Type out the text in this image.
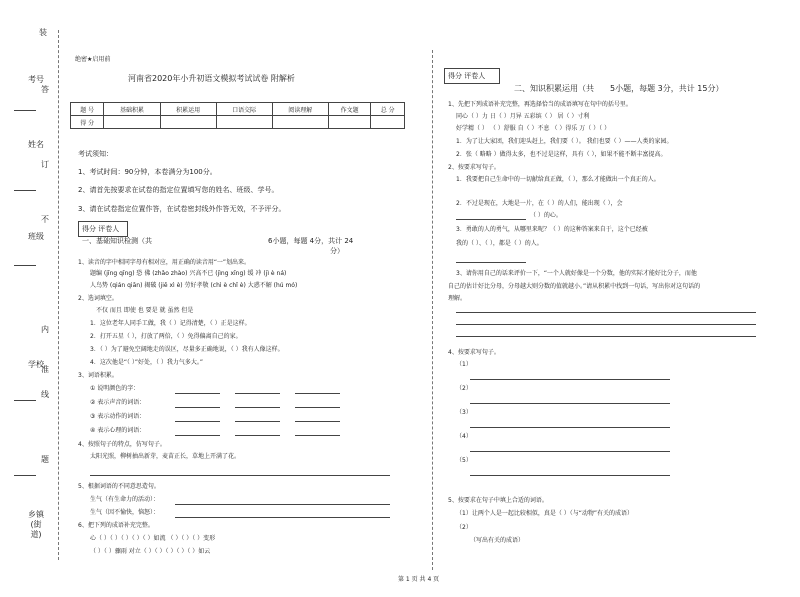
装
考号
答
姓名
订
班级
不
内
学校
准
线
题
乡镇(街道)
绝密★启用前
河南省2020年小升初语文模拟考试试卷 附解析
题 号	基础积累	积累运用	口语交际	阅读理解	作文题	总 分
得 分						
考试须知：
1、考试时间：90分钟，本卷满分为100分。
2、请首先按要求在试卷的指定位置填写您的姓名、班级、学号。
3、请在试卷指定位置作答，在试卷密封线外作答无效，不予评分。
得分 评卷人
一、基础知识检测（共	6小题，每题 4分，共计 24
分）
1、读音的字中相同字母有相对应，用正确的读音用“一”划出来。
题编 (jīng qīng) 恐 佛 (zhǎo zhào) 兴高不已 (jìng xīng) 缓 冲 (jì è ná)
人鸟势 (qián qiān) 揭破 (jiē xì è) 劳好孝敬 (chì è chǐ è) 大惑不解 (hú mó)
2、选词填空。
不仅 而且 即使 也 要是 就 虽然 但是
1．这位老年人同手工做，我（ ）记得清楚，（ ）正是这样。
2．打开五星（ ），打放了两倍，（ ）免得偏离自己的家。
3．（ ）为了避免空阔地走的误区，尽量多正确地说，（ ）我有人像这样。
4．这次他是“（ ）”好处，（ ）我力气多大。”
3、词语积累。
① 说明颜色的字：
② 表示声音的词语：
③ 表示动作的词语：
④ 表示心理的词语：
4、按照句子的特点，仿写句子。
太阳光照，柳树抽出新芽，麦苗正长，草地上开满了花。
5、根据词语的不同意思造句。
生气（有生命力的活动）：
生气（因不愉快，恼怒）：
6、把下列的成语补充完整。
心（ ）（ ）（ ）（ ）（ ）如流 （ ）（ ）（ ）变形
（ ）（ ）骤雨 对立（ ）（ ）（ ）（ ）（ ）如云
得分 评卷人
二、知识积累运用（共 5小题，每题 3分，共计 15分）
1、先把下列成语补充完整，再选择恰当的成语填写在句中的括号里。
同心（ ）力 日（ ）月异 五彩缤（ ） 居（ ）寸利
好学精（ ） （ ）舒服 自（ ）不息 （ ）得乐 万（ ）（ ）
1．为了让大家团，我们迎头赶上，我们要（ ）。 我们也要（ ）——人类的家园。
2．张（ 略略 ）做得太多，也不过是这样，具有（ ），如果不能不断丰富提高。
2、按要求写句子。
1．我要把自己生命中的一切献给真正做，（ ），那么才能做出一个真正的人。
2．不过是现在，大地是一片，在（ ）的人们，能出现（ ），会
（ ）的心。
3．勇敢的人的勇气，从哪里来呢？（ ）的这种答案来自于，这个已经被
我的（ ）、（ ），都是（ ）的人。
3、请你用自己的话来评价一下，“一个人就好像是一个分数，他的实际才能好比分子，而他
自己的估计好比分母，分母越大则分数的值就越小。”请从积累中找到一句话，写出你对这句话的
理解。
4、按要求写句子。
（1）
（2）
（3）
（4）
（5）
5、按要求在句子中填上合适的词语。
（1）让两个人是一起比较相似，真是（ ）（与“动物”有关的成语）
（2）
（写出有关的成语）
第 1 页 共 4 页
